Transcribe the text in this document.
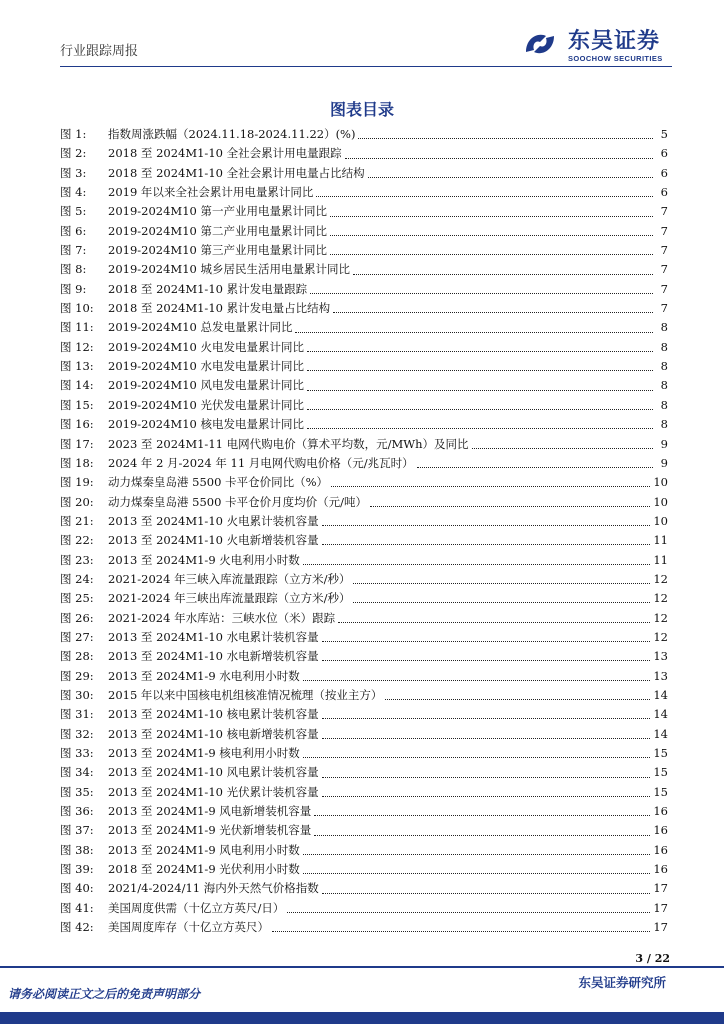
行业跟踪周报	东吴证券
SOOCHOW SECURITIES
图表目录
图 1:	指数周涨跌幅（2024.11.18-2024.11.22）(%)	5
图 2:	2018 至 2024M1-10 全社会累计用电量跟踪	6
图 3:	2018 至 2024M1-10 全社会累计用电量占比结构	6
图 4:	2019 年以来全社会累计用电量累计同比	6
图 5:	2019-2024M10 第一产业用电量累计同比	7
图 6:	2019-2024M10 第二产业用电量累计同比	7
图 7:	2019-2024M10 第三产业用电量累计同比	7
图 8:	2019-2024M10 城乡居民生活用电量累计同比	7
图 9:	2018 至 2024M1-10 累计发电量跟踪	7
图 10:	2018 至 2024M1-10 累计发电量占比结构	7
图 11:	2019-2024M10 总发电量累计同比	8
图 12:	2019-2024M10 火电发电量累计同比	8
图 13:	2019-2024M10 水电发电量累计同比	8
图 14:	2019-2024M10 风电发电量累计同比	8
图 15:	2019-2024M10 光伏发电量累计同比	8
图 16:	2019-2024M10 核电发电量累计同比	8
图 17:	2023 至 2024M1-11 电网代购电价（算术平均数，元/MWh）及同比	9
图 18:	2024 年 2 月-2024 年 11 月电网代购电价格（元/兆瓦时）	9
图 19:	动力煤秦皇岛港 5500 卡平仓价同比（%）	10
图 20:	动力煤秦皇岛港 5500 卡平仓价月度均价（元/吨）	10
图 21:	2013 至 2024M1-10 火电累计装机容量	10
图 22:	2013 至 2024M1-10 火电新增装机容量	11
图 23:	2013 至 2024M1-9 火电利用小时数	11
图 24:	2021-2024 年三峡入库流量跟踪（立方米/秒）	12
图 25:	2021-2024 年三峡出库流量跟踪（立方米/秒）	12
图 26:	2021-2024 年水库站：三峡水位（米）跟踪	12
图 27:	2013 至 2024M1-10 水电累计装机容量	12
图 28:	2013 至 2024M1-10 水电新增装机容量	13
图 29:	2013 至 2024M1-9 水电利用小时数	13
图 30:	2015 年以来中国核电机组核准情况梳理（按业主方）	14
图 31:	2013 至 2024M1-10 核电累计装机容量	14
图 32:	2013 至 2024M1-10 核电新增装机容量	14
图 33:	2013 至 2024M1-9 核电利用小时数	15
图 34:	2013 至 2024M1-10 风电累计装机容量	15
图 35:	2013 至 2024M1-10 光伏累计装机容量	15
图 36:	2013 至 2024M1-9 风电新增装机容量	16
图 37:	2013 至 2024M1-9 光伏新增装机容量	16
图 38:	2013 至 2024M1-9 风电利用小时数	16
图 39:	2018 至 2024M1-9 光伏利用小时数	16
图 40:	2021/4-2024/11 海内外天然气价格指数	17
图 41:	美国周度供需（十亿立方英尺/日）	17
图 42:	美国周度库存（十亿立方英尺）	17
3 / 22
请务必阅读正文之后的免责声明部分
东吴证券研究所
